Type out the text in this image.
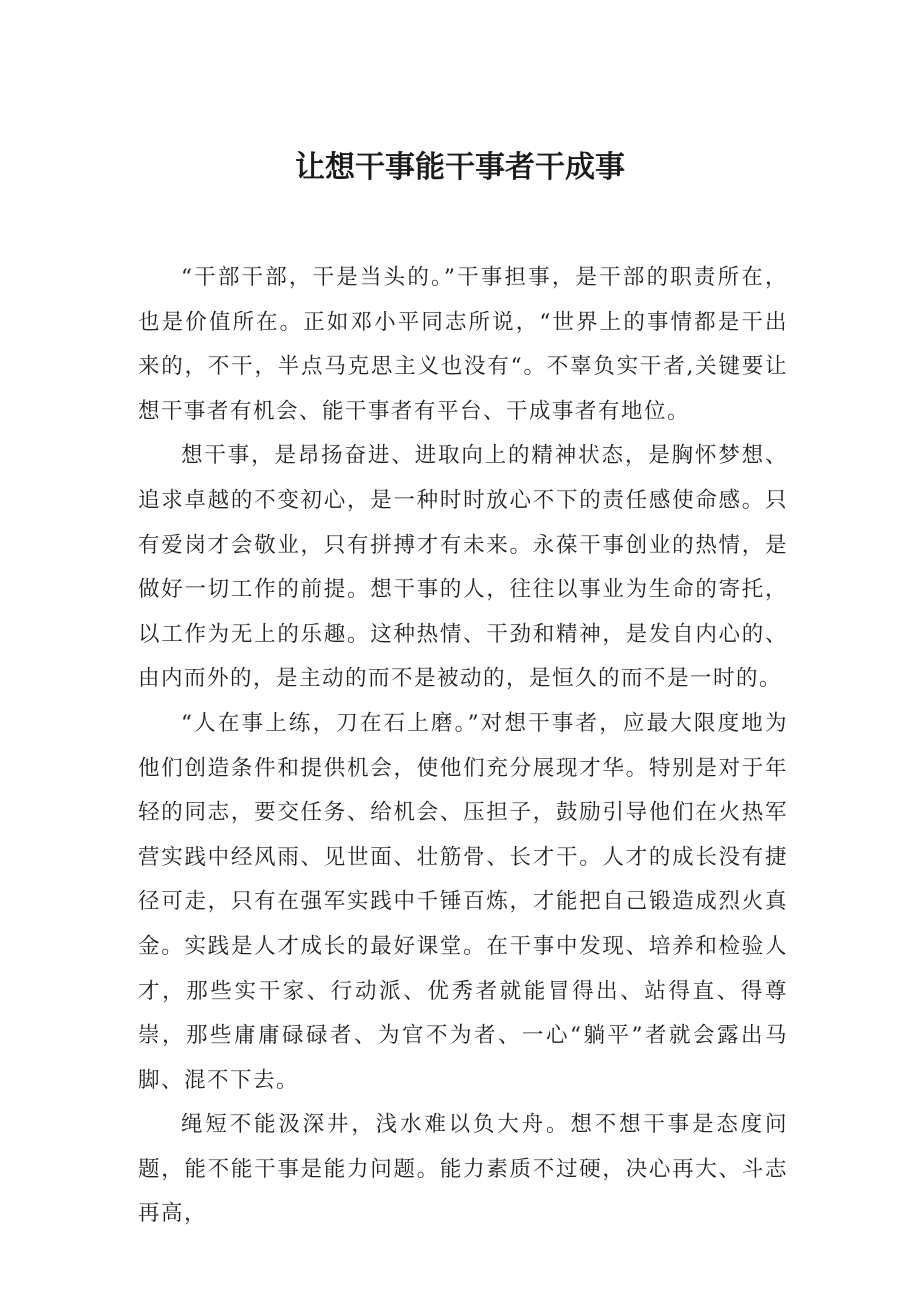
让想干事能干事者干成事

“干部干部，干是当头的。”干事担事，是干部的职责所在，也是价值所在。正如邓小平同志所说，“世界上的事情都是干出来的，不干，半点马克思主义也没有“。不辜负实干者,关键要让想干事者有机会、能干事者有平台、干成事者有地位。

想干事，是昂扬奋进、进取向上的精神状态，是胸怀梦想、追求卓越的不变初心，是一种时时放心不下的责任感使命感。只有爱岗才会敬业，只有拼搏才有未来。永葆干事创业的热情，是做好一切工作的前提。想干事的人，往往以事业为生命的寄托，以工作为无上的乐趣。这种热情、干劲和精神，是发自内心的、由内而外的，是主动的而不是被动的，是恒久的而不是一时的。

“人在事上练，刀在石上磨。”对想干事者，应最大限度地为他们创造条件和提供机会，使他们充分展现才华。特别是对于年轻的同志，要交任务、给机会、压担子，鼓励引导他们在火热军营实践中经风雨、见世面、壮筋骨、长才干。人才的成长没有捷径可走，只有在强军实践中千锤百炼，才能把自己锻造成烈火真金。实践是人才成长的最好课堂。在干事中发现、培养和检验人才，那些实干家、行动派、优秀者就能冒得出、站得直、得尊崇，那些庸庸碌碌者、为官不为者、一心“躺平”者就会露出马脚、混不下去。

绳短不能汲深井，浅水难以负大舟。想不想干事是态度问题，能不能干事是能力问题。能力素质不过硬，决心再大、斗志再高，
